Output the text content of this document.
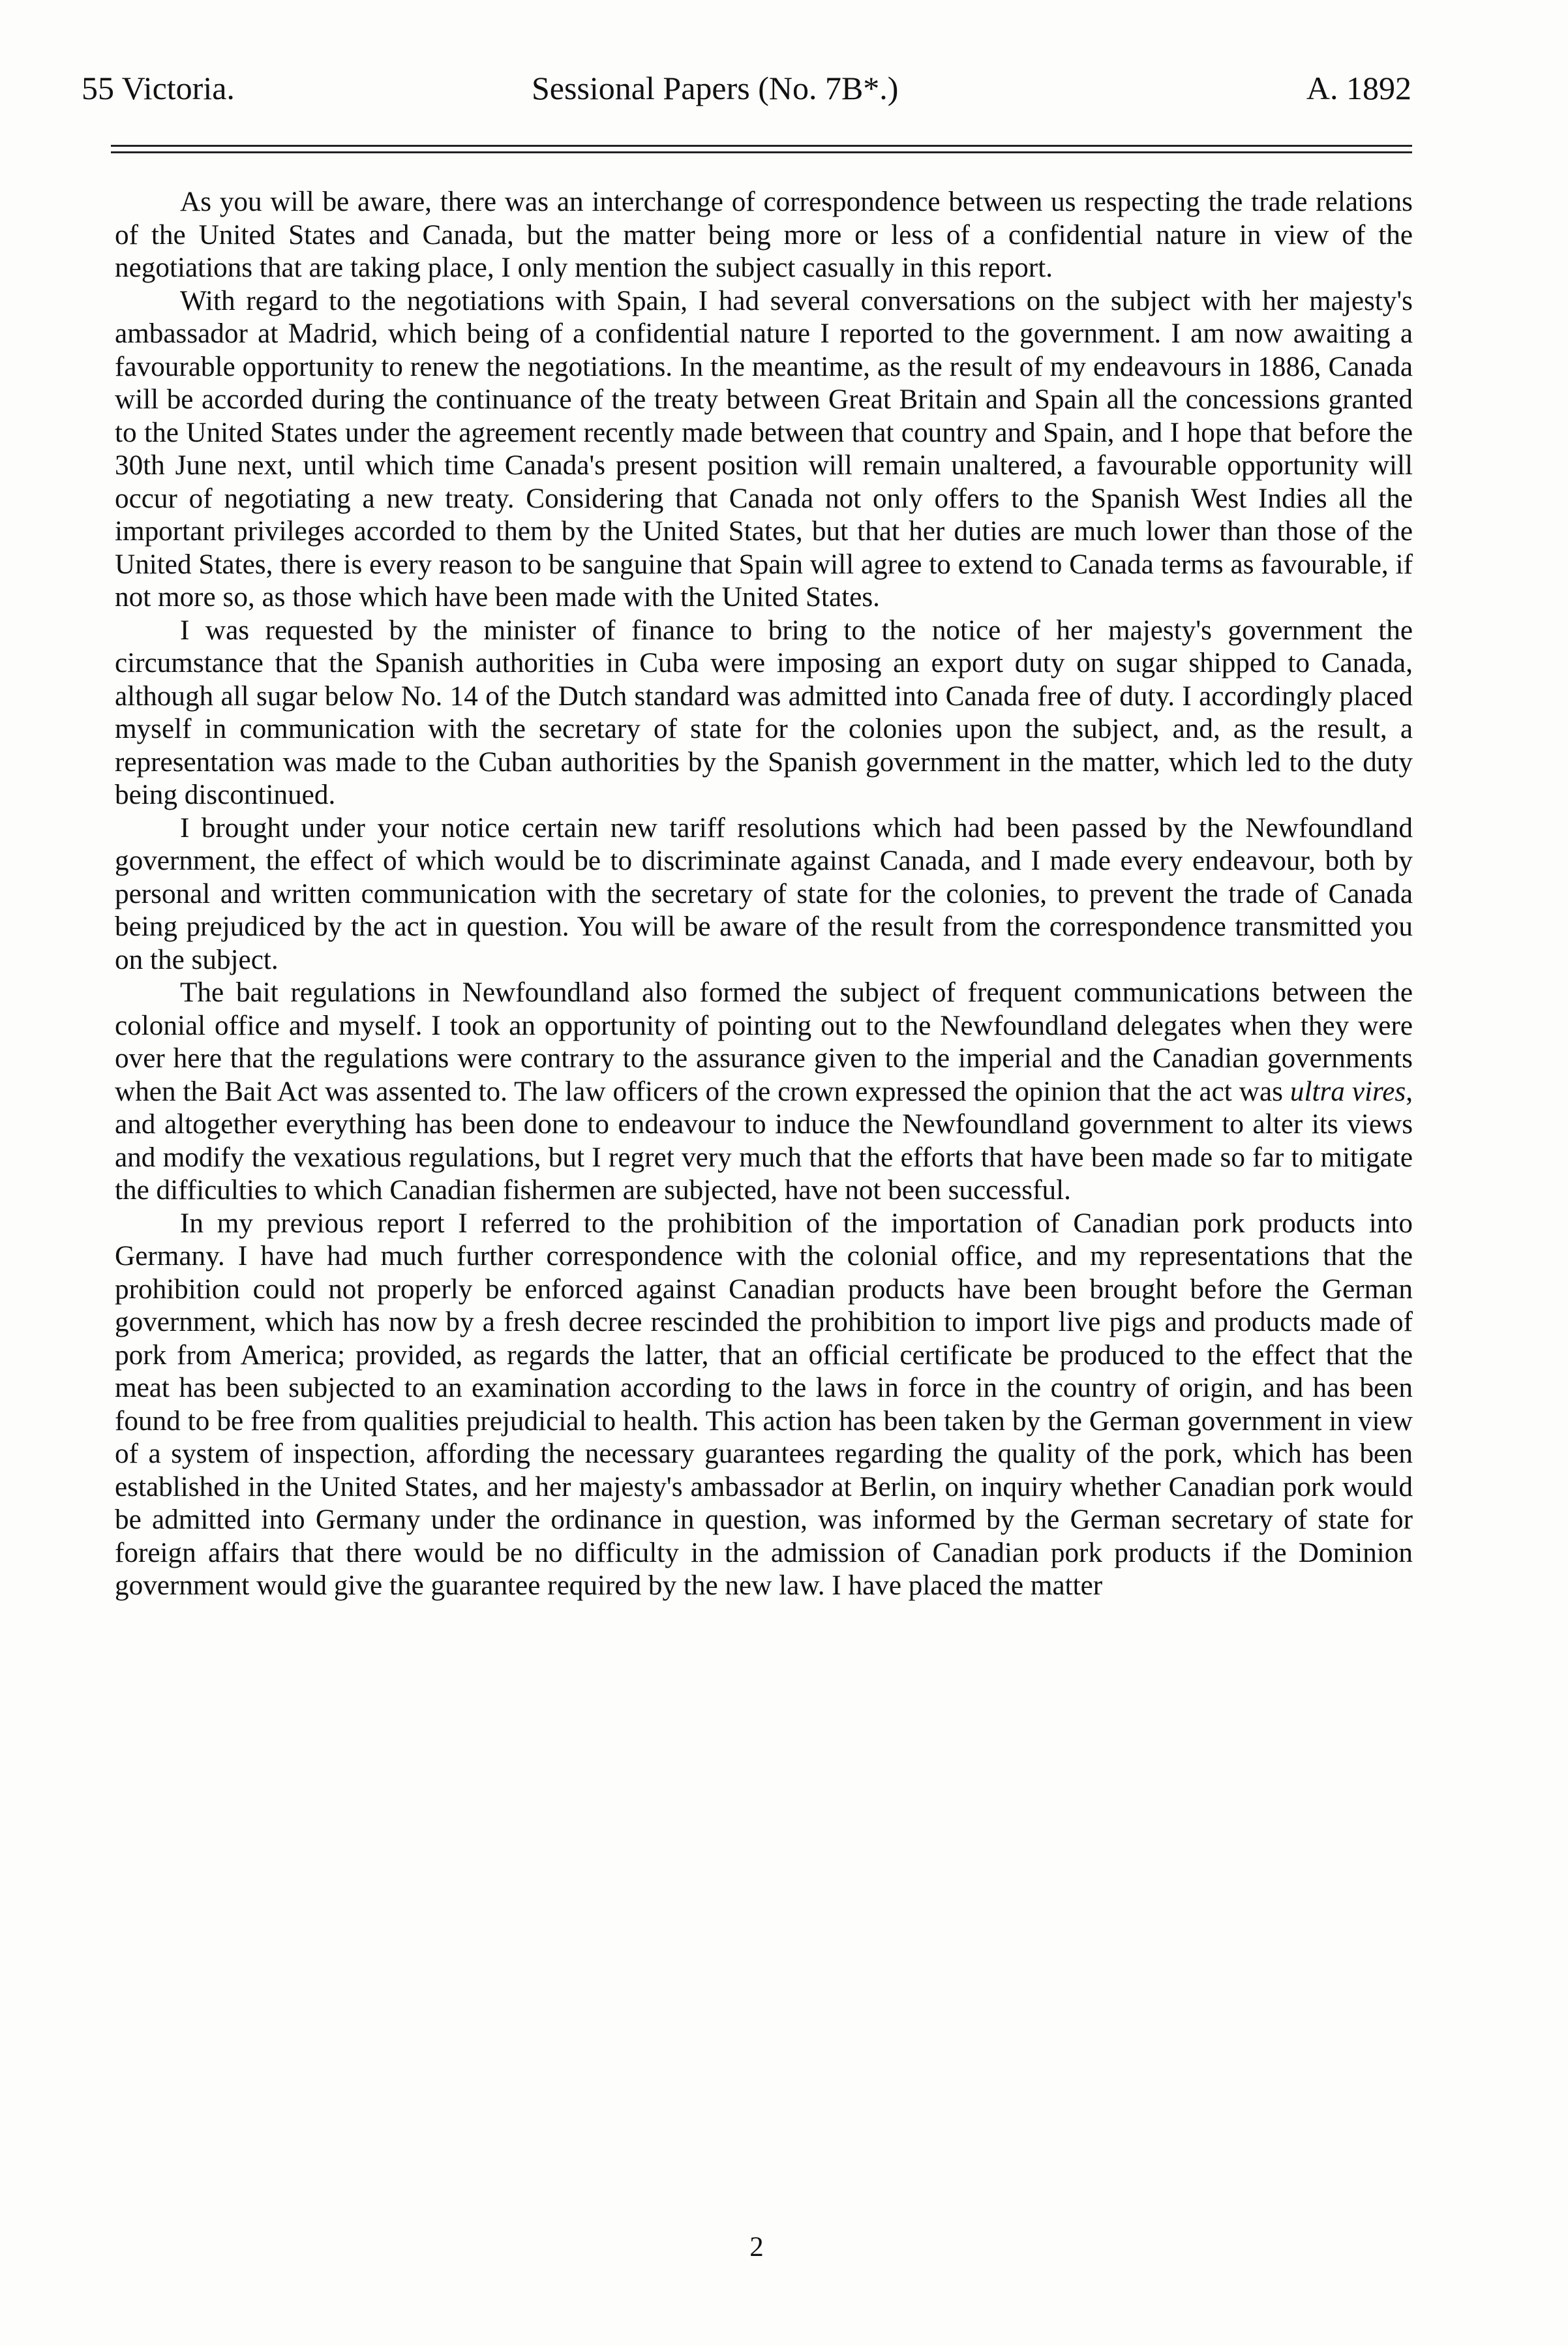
55 Victoria.	Sessional Papers (No. 7B*.)	A. 1892

As you will be aware, there was an interchange of correspondence between us respecting the trade relations of the United States and Canada, but the matter being more or less of a confidential nature in view of the negotiations that are taking place, I only mention the subject casually in this report.

With regard to the negotiations with Spain, I had several conversations on the subject with her majesty's ambassador at Madrid, which being of a confidential nature I reported to the government. I am now awaiting a favourable opportunity to renew the negotiations. In the meantime, as the result of my endeavours in 1886, Canada will be accorded during the continuance of the treaty between Great Britain and Spain all the concessions granted to the United States under the agreement recently made between that country and Spain, and I hope that before the 30th June next, until which time Canada's present position will remain unaltered, a favourable opportunity will occur of negotiating a new treaty. Considering that Canada not only offers to the Spanish West Indies all the important privileges accorded to them by the United States, but that her duties are much lower than those of the United States, there is every reason to be sanguine that Spain will agree to extend to Canada terms as favourable, if not more so, as those which have been made with the United States.

I was requested by the minister of finance to bring to the notice of her majesty's government the circumstance that the Spanish authorities in Cuba were imposing an export duty on sugar shipped to Canada, although all sugar below No. 14 of the Dutch standard was admitted into Canada free of duty. I accordingly placed myself in communication with the secretary of state for the colonies upon the subject, and, as the result, a representation was made to the Cuban authorities by the Spanish government in the matter, which led to the duty being discontinued.

I brought under your notice certain new tariff resolutions which had been passed by the Newfoundland government, the effect of which would be to discriminate against Canada, and I made every endeavour, both by personal and written communication with the secretary of state for the colonies, to prevent the trade of Canada being prejudiced by the act in question. You will be aware of the result from the correspondence transmitted you on the subject.

The bait regulations in Newfoundland also formed the subject of frequent communications between the colonial office and myself. I took an opportunity of pointing out to the Newfoundland delegates when they were over here that the regulations were contrary to the assurance given to the imperial and the Canadian governments when the Bait Act was assented to. The law officers of the crown expressed the opinion that the act was ultra vires, and altogether everything has been done to endeavour to induce the Newfoundland government to alter its views and modify the vexatious regulations, but I regret very much that the efforts that have been made so far to mitigate the difficulties to which Canadian fishermen are subjected, have not been successful.

In my previous report I referred to the prohibition of the importation of Canadian pork products into Germany. I have had much further correspondence with the colonial office, and my representations that the prohibition could not properly be enforced against Canadian products have been brought before the German government, which has now by a fresh decree rescinded the prohibition to import live pigs and products made of pork from America; provided, as regards the latter, that an official certificate be produced to the effect that the meat has been subjected to an examination according to the laws in force in the country of origin, and has been found to be free from qualities prejudicial to health. This action has been taken by the German government in view of a system of inspection, affording the necessary guarantees regarding the quality of the pork, which has been established in the United States, and her majesty's ambassador at Berlin, on inquiry whether Canadian pork would be admitted into Germany under the ordinance in question, was informed by the German secretary of state for foreign affairs that there would be no difficulty in the admission of Canadian pork products if the Dominion government would give the guarantee required by the new law. I have placed the matter

2
